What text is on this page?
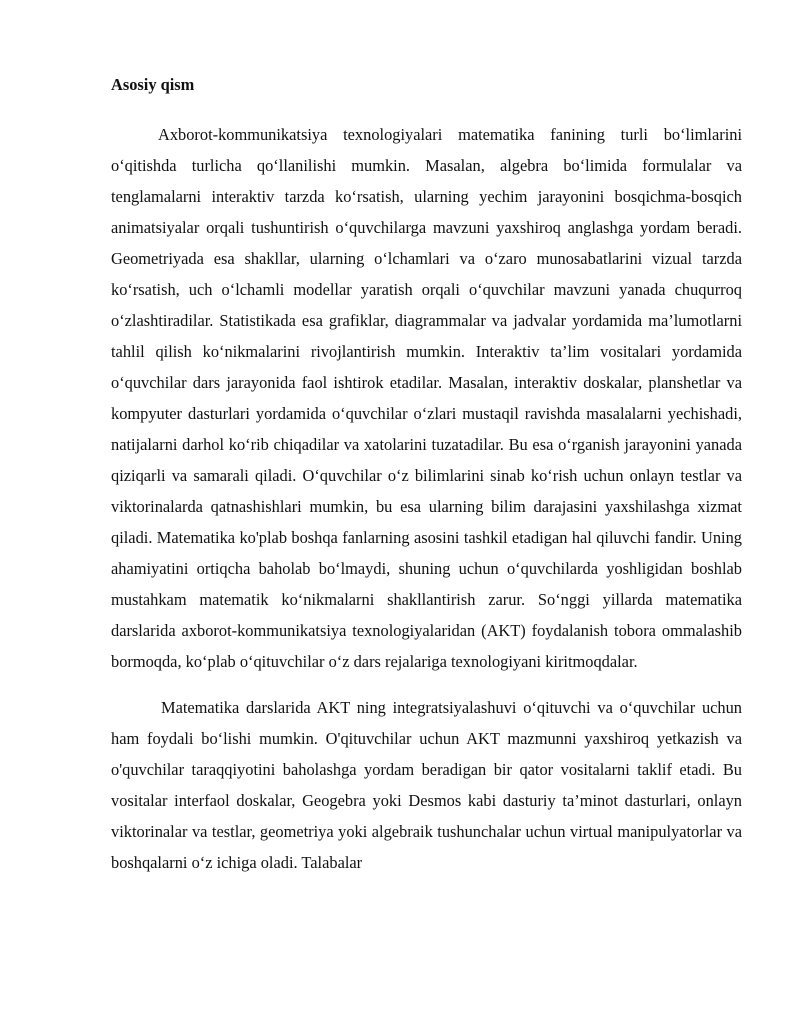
Asosiy qism

Axborot-kommunikatsiya texnologiyalari matematika fanining turli bo‘limlarini o‘qitishda turlicha qo‘llanilishi mumkin. Masalan, algebra bo‘limida formulalar va tenglamalarni interaktiv tarzda ko‘rsatish, ularning yechim jarayonini bosqichma-bosqich animatsiyalar orqali tushuntirish o‘quvchilarga mavzuni yaxshiroq anglashga yordam beradi. Geometriyada esa shakllar, ularning o‘lchamlari va o‘zaro munosabatlarini vizual tarzda ko‘rsatish, uch o‘lchamli modellar yaratish orqali o‘quvchilar mavzuni yanada chuqurroq o‘zlashtiradilar. Statistikada esa grafiklar, diagrammalar va jadvalar yordamida ma’lumotlarni tahlil qilish ko‘nikmalarini rivojlantirish mumkin. Interaktiv ta’lim vositalari yordamida o‘quvchilar dars jarayonida faol ishtirok etadilar. Masalan, interaktiv doskalar, planshetlar va kompyuter dasturlari yordamida o‘quvchilar o‘zlari mustaqil ravishda masalalarni yechishadi, natijalarni darhol ko‘rib chiqadilar va xatolarini tuzatadilar. Bu esa o‘rganish jarayonini yanada qiziqarli va samarali qiladi. O‘quvchilar o‘z bilimlarini sinab ko‘rish uchun onlayn testlar va viktorinalarda qatnashishlari mumkin, bu esa ularning bilim darajasini yaxshilashga xizmat qiladi. Matematika ko'plab boshqa fanlarning asosini tashkil etadigan hal qiluvchi fandir. Uning ahamiyatini ortiqcha baholab bo‘lmaydi, shuning uchun o‘quvchilarda yoshligidan boshlab mustahkam matematik ko‘nikmalarni shakllantirish zarur. So‘nggi yillarda matematika darslarida axborot-kommunikatsiya texnologiyalaridan (AKT) foydalanish tobora ommalashib bormoqda, ko‘plab o‘qituvchilar o‘z dars rejalariga texnologiyani kiritmoqdalar.

Matematika darslarida AKT ning integratsiyalashuvi o‘qituvchi va o‘quvchilar uchun ham foydali bo‘lishi mumkin. O'qituvchilar uchun AKT mazmunni yaxshiroq yetkazish va o'quvchilar taraqqiyotini baholashga yordam beradigan bir qator vositalarni taklif etadi. Bu vositalar interfaol doskalar, Geogebra yoki Desmos kabi dasturiy ta’minot dasturlari, onlayn viktorinalar va testlar, geometriya yoki algebraik tushunchalar uchun virtual manipulyatorlar va boshqalarni o‘z ichiga oladi. Talabalar
